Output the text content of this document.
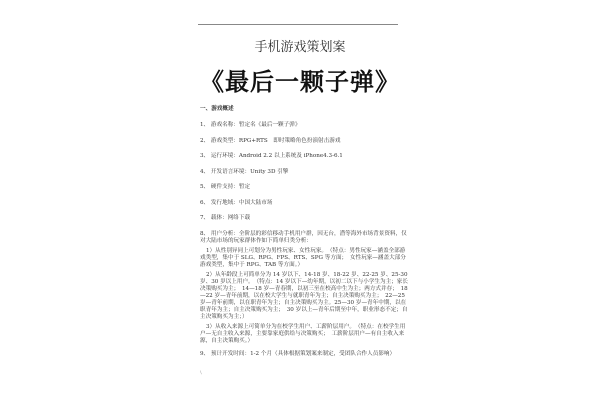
手机游戏策划案
《最后一颗子弹》
一、游戏概述
1、 游戏名称：暂定名《最后一颗子弹》
2、 游戏类型：RPG+RTS　即时策略角色扮演射击游戏
3、 运行环境：Android 2.2 以上系统及 iPhone4.3-6.1
4、 开发语言环境：Unity 3D 引擎
5、 硬件支持：暂定
6、 发行地域：中国大陆市场
7、 载体：网络下载
8、 用户分析：全阶层的彩信移动手机用户群，因无台，潜等海外市场背景资料，仅对大陆市场的玩家群体作如下简单归类分析：
1）从性别异同上可划分为男性玩家、女性玩家。　（特点：男性玩家—涵盖全部游戏类型，集中于 SLG、RPG、FPS、RTS、SPG 等方面；　女性玩家—涵盖大部分游戏类型，集中于 RPG、TAB 等方面。）
2）从年龄段上可简单分为 14 岁以下、14-18 岁、18-22 岁、22-25 岁、25-30 岁、30 岁以上用户。　（特点：14 岁以下—幼年期，以初二以下与小学生为主；家长决策购买为主；　14—18 岁—青春期，以初三至在校高中生为主；两方式并存；　18—22 岁—青年前期，以在校大学生与就职青年为主；自主决策购买为主；　22—25 岁—青年前期，以在职青年为主；自主决策购买为主。25—30 岁—青年中期，以在职青年为主；自主决策购买为主；　30 岁以上—青年后期至中年，职业形态不定；自主决策购买为主；）
3）从收入来源上可简单分为在校学生用户、工薪阶层用户。　（特点：在校学生用户—无自主收入来源，主要靠家庭供给与决策购买；　工薪阶层用户—有自主收入来源，自主决策购买。）
9、 预计开发时间：1-2 个月（具体根据策划案来制定，受团队合作人员影响）
\
